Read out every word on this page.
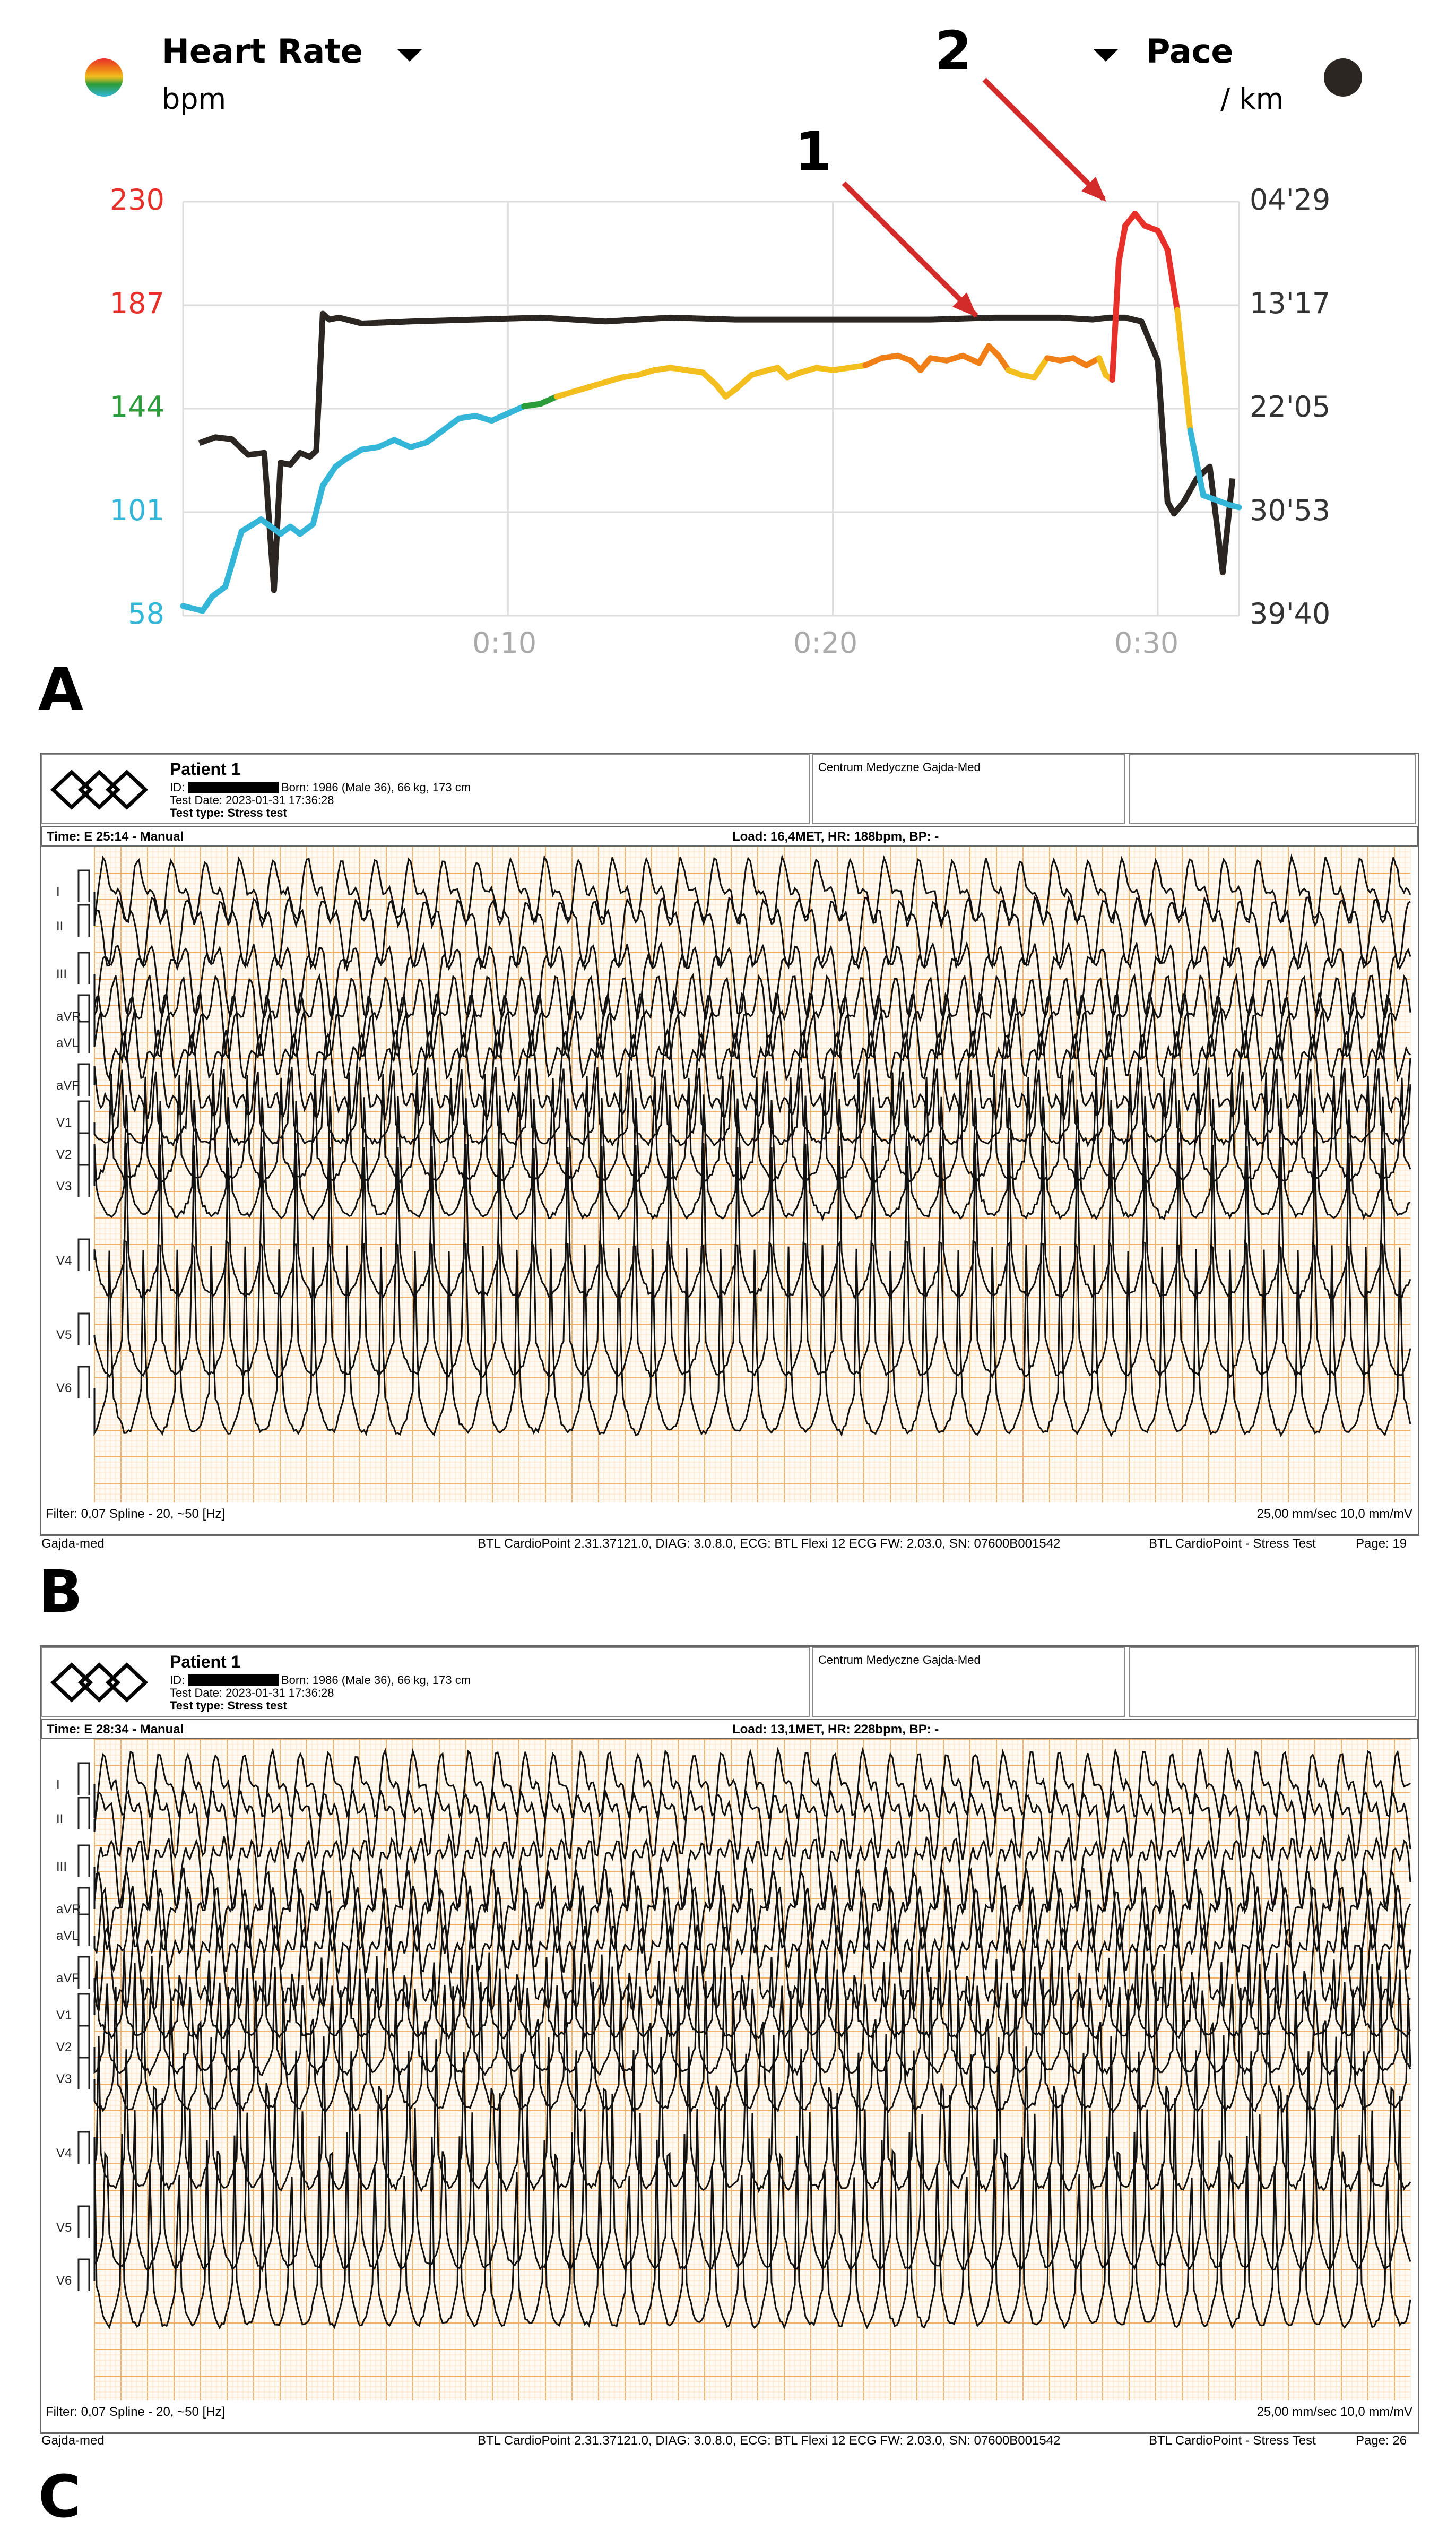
Heart Rate
bpm
Pace
/ km
230
187
144
101
58
04'29
13'17
22'05
30'53
39'40
0:10	0:20	0:30
1
2
A
Patient 1
ID:	Born: 1986 (Male 36), 66 kg, 173 cm
Test Date: 2023-01-31 17:36:28
Test type: Stress test
Centrum Medyczne Gajda-Med
Time: E 25:14 - Manual	Load: 16,4MET, HR: 188bpm, BP: -
I
II
III
aVR
aVL
aVF
V1
V2
V3
V4
V5
V6
Filter: 0,07 Spline - 20, ~50 [Hz]	25,00 mm/sec 10,0 mm/mV
Gajda-med	BTL CardioPoint 2.31.37121.0, DIAG: 3.0.8.0, ECG: BTL Flexi 12 ECG FW: 2.03.0, SN: 07600B001542	BTL CardioPoint - Stress Test	Page: 19
B
Patient 1
ID:	Born: 1986 (Male 36), 66 kg, 173 cm
Test Date: 2023-01-31 17:36:28
Test type: Stress test
Centrum Medyczne Gajda-Med
Time: E 28:34 - Manual	Load: 13,1MET, HR: 228bpm, BP: -
I
II
III
aVR
aVL
aVF
V1
V2
V3
V4
V5
V6
Filter: 0,07 Spline - 20, ~50 [Hz]	25,00 mm/sec 10,0 mm/mV
Gajda-med	BTL CardioPoint 2.31.37121.0, DIAG: 3.0.8.0, ECG: BTL Flexi 12 ECG FW: 2.03.0, SN: 07600B001542	BTL CardioPoint - Stress Test	Page: 26
C
